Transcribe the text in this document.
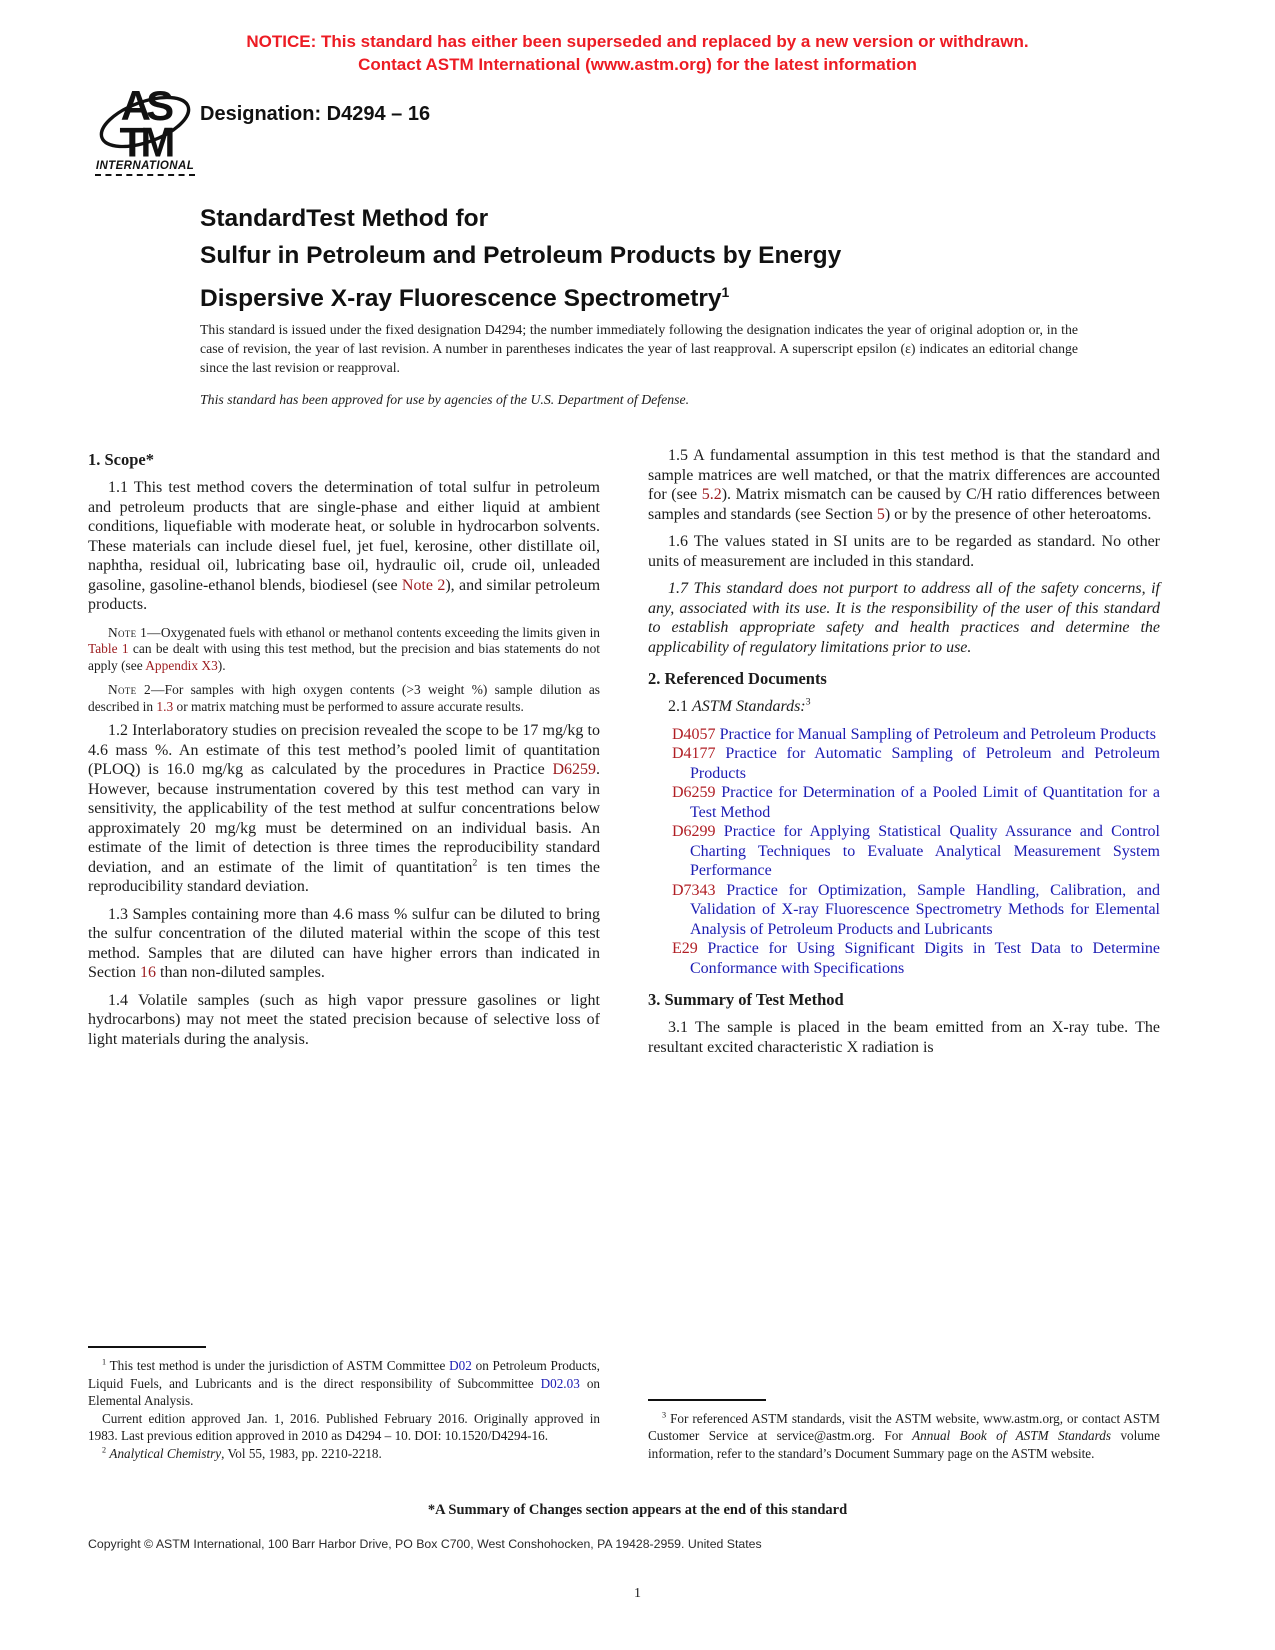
NOTICE: This standard has either been superseded and replaced by a new version or withdrawn.
Contact ASTM International (www.astm.org) for the latest information
AS
TM
INTERNATIONAL
Designation: D4294 – 16
StandardTest Method for
Sulfur in Petroleum and Petroleum Products by Energy
Dispersive X-ray Fluorescence Spectrometry$^1$
This standard is issued under the fixed designation D4294; the number immediately following the designation indicates the year of original adoption or, in the case of revision, the year of last revision. A number in parentheses indicates the year of last reapproval. A superscript epsilon (ε) indicates an editorial change since the last revision or reapproval.
This standard has been approved for use by agencies of the U.S. Department of Defense.
1. Scope*

1.1 This test method covers the determination of total sulfur in petroleum and petroleum products that are single-phase and either liquid at ambient conditions, liquefiable with moderate heat, or soluble in hydrocarbon solvents. These materials can include diesel fuel, jet fuel, kerosine, other distillate oil, naphtha, residual oil, lubricating base oil, hydraulic oil, crude oil, unleaded gasoline, gasoline-ethanol blends, biodiesel (see Note 2), and similar petroleum products.

Note 1—Oxygenated fuels with ethanol or methanol contents exceeding the limits given in Table 1 can be dealt with using this test method, but the precision and bias statements do not apply (see Appendix X3).

Note 2—For samples with high oxygen contents (>3 weight %) sample dilution as described in 1.3 or matrix matching must be performed to assure accurate results.

1.2 Interlaboratory studies on precision revealed the scope to be 17 mg/kg to 4.6 mass %. An estimate of this test method’s pooled limit of quantitation (PLOQ) is 16.0 mg/kg as calculated by the procedures in Practice D6259. However, because instrumentation covered by this test method can vary in sensitivity, the applicability of the test method at sulfur concentrations below approximately 20 mg/kg must be determined on an individual basis. An estimate of the limit of detection is three times the reproducibility standard deviation, and an estimate of the limit of quantitation$^2$ is ten times the reproducibility standard deviation.

1.3 Samples containing more than 4.6 mass % sulfur can be diluted to bring the sulfur concentration of the diluted material within the scope of this test method. Samples that are diluted can have higher errors than indicated in Section 16 than non-diluted samples.

1.4 Volatile samples (such as high vapor pressure gasolines or light hydrocarbons) may not meet the stated precision because of selective loss of light materials during the analysis.

$^1$ This test method is under the jurisdiction of ASTM Committee D02 on Petroleum Products, Liquid Fuels, and Lubricants and is the direct responsibility of Subcommittee D02.03 on Elemental Analysis.

Current edition approved Jan. 1, 2016. Published February 2016. Originally approved in 1983. Last previous edition approved in 2010 as D4294 – 10. DOI: 10.1520/D4294-16.

$^2$ Analytical Chemistry, Vol 55, 1983, pp. 2210-2218.

1.5 A fundamental assumption in this test method is that the standard and sample matrices are well matched, or that the matrix differences are accounted for (see 5.2). Matrix mismatch can be caused by C/H ratio differences between samples and standards (see Section 5) or by the presence of other heteroatoms.

1.6 The values stated in SI units are to be regarded as standard. No other units of measurement are included in this standard.

1.7 This standard does not purport to address all of the safety concerns, if any, associated with its use. It is the responsibility of the user of this standard to establish appropriate safety and health practices and determine the applicability of regulatory limitations prior to use.

2. Referenced Documents

2.1 ASTM Standards:$^3$

D4057 Practice for Manual Sampling of Petroleum and Petroleum Products

D4177 Practice for Automatic Sampling of Petroleum and Petroleum Products

D6259 Practice for Determination of a Pooled Limit of Quantitation for a Test Method

D6299 Practice for Applying Statistical Quality Assurance and Control Charting Techniques to Evaluate Analytical Measurement System Performance

D7343 Practice for Optimization, Sample Handling, Calibration, and Validation of X-ray Fluorescence Spectrometry Methods for Elemental Analysis of Petroleum Products and Lubricants

E29 Practice for Using Significant Digits in Test Data to Determine Conformance with Specifications

3. Summary of Test Method

3.1 The sample is placed in the beam emitted from an X-ray tube. The resultant excited characteristic X radiation is

$^3$ For referenced ASTM standards, visit the ASTM website, www.astm.org, or contact ASTM Customer Service at service@astm.org. For Annual Book of ASTM Standards volume information, refer to the standard’s Document Summary page on the ASTM website.

*A Summary of Changes section appears at the end of this standard
Copyright © ASTM International, 100 Barr Harbor Drive, PO Box C700, West Conshohocken, PA 19428-2959. United States
1
